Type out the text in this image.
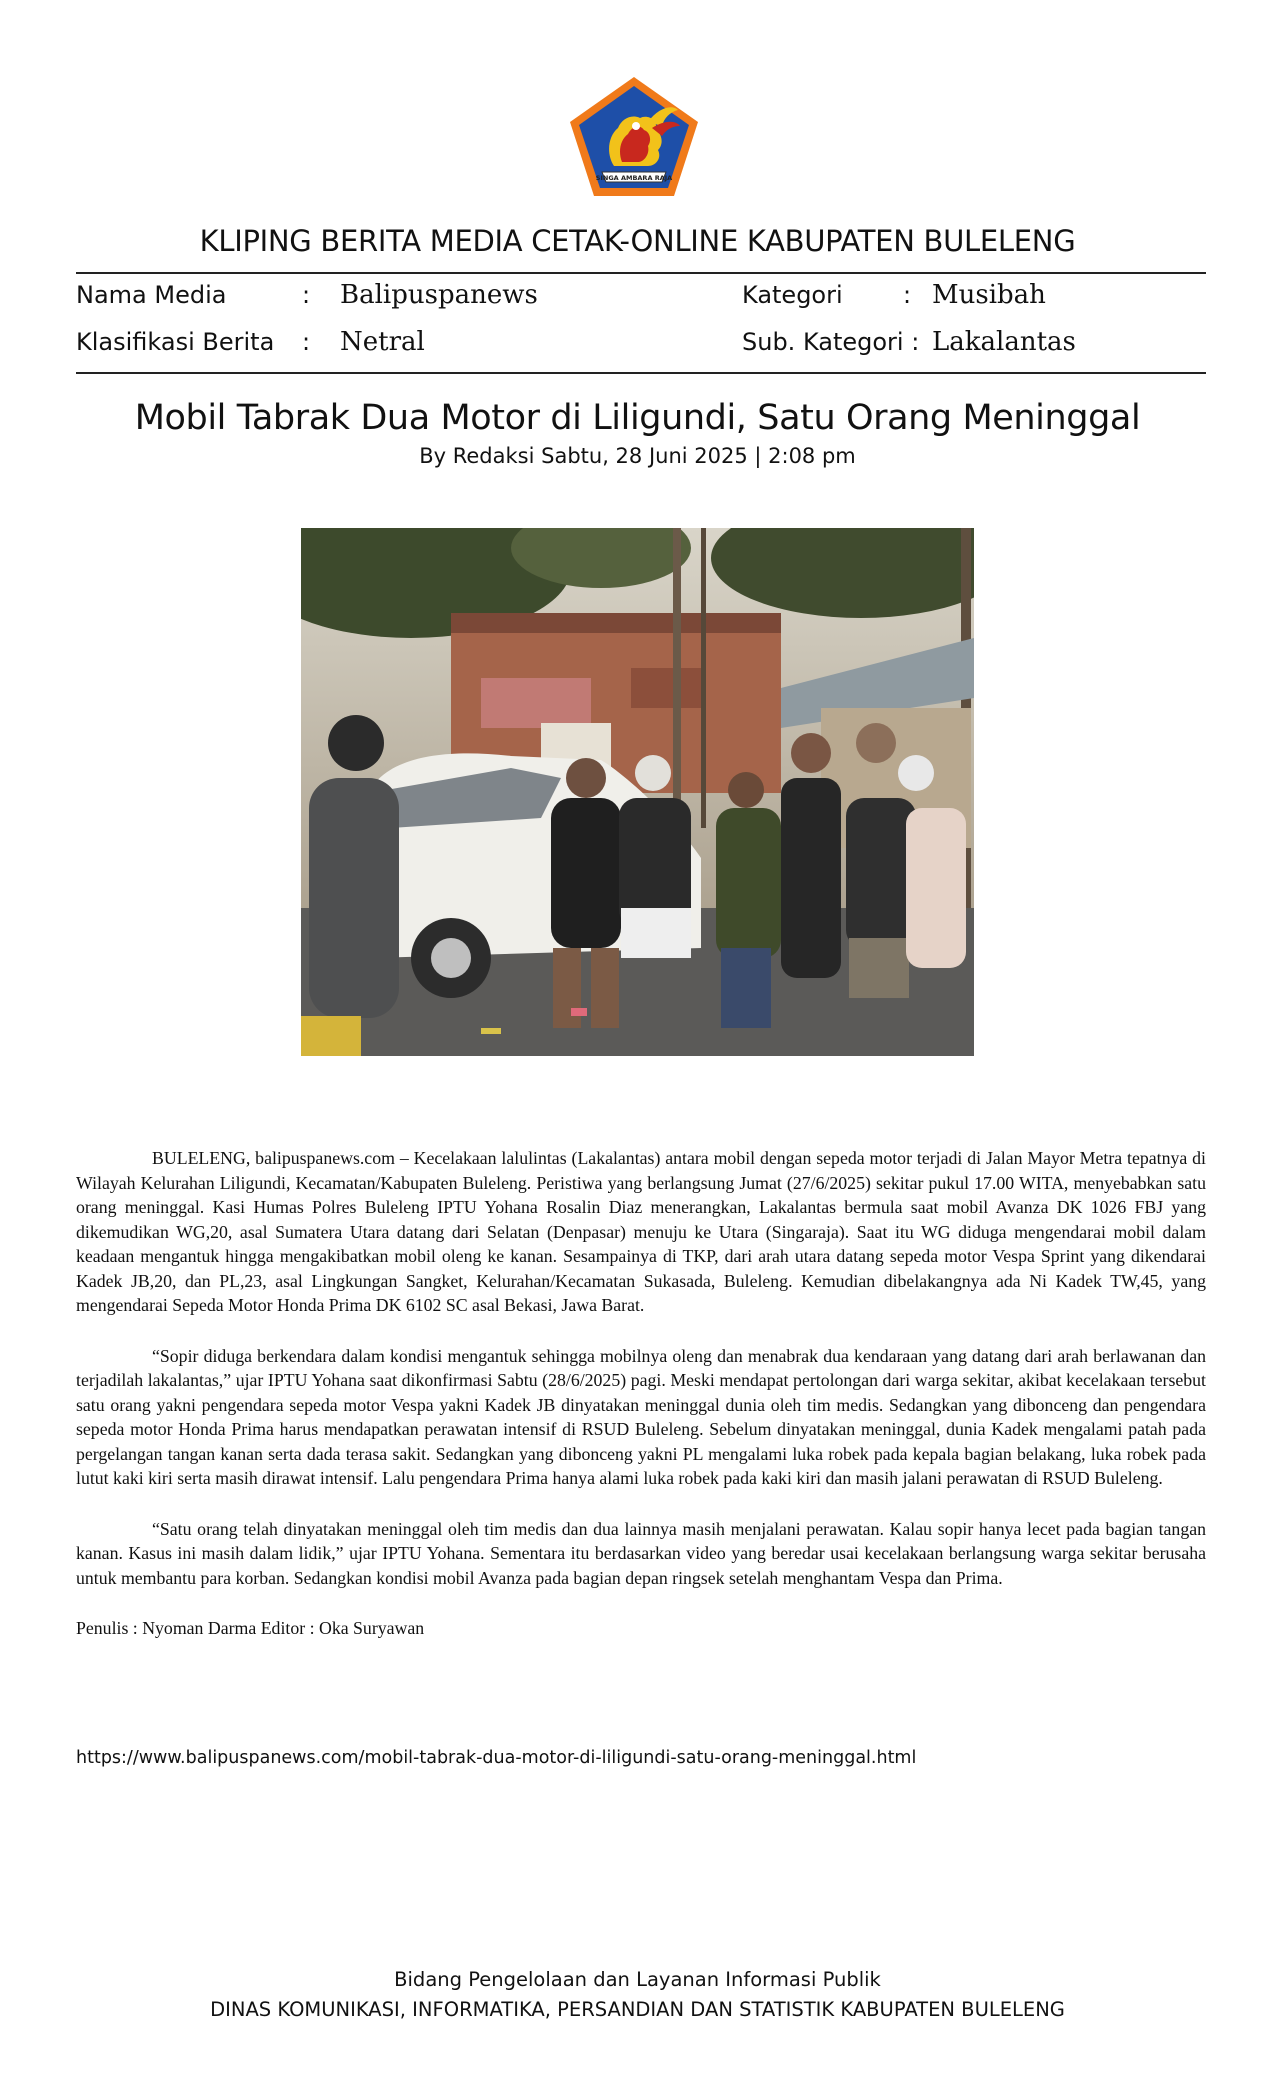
SINGA AMBARA RAJA
KLIPING BERITA MEDIA CETAK-ONLINE KABUPATEN BULELENG
Nama Media	: Balipuspanews	Kategori	: Musibah
Klasifikasi Berita : Netral	Sub. Kategori : Lakalantas
Mobil Tabrak Dua Motor di Liligundi, Satu Orang Meninggal
By Redaksi Sabtu, 28 Juni 2025 | 2:08 pm

BULELENG, balipuspanews.com – Kecelakaan lalulintas (Lakalantas) antara mobil dengan sepeda motor terjadi di Jalan Mayor Metra tepatnya di Wilayah Kelurahan Liligundi, Kecamatan/Kabupaten Buleleng. Peristiwa yang berlangsung Jumat (27/6/2025) sekitar pukul 17.00 WITA, menyebabkan satu orang meninggal. Kasi Humas Polres Buleleng IPTU Yohana Rosalin Diaz menerangkan, Lakalantas bermula saat mobil Avanza DK 1026 FBJ yang dikemudikan WG,20, asal Sumatera Utara datang dari Selatan (Denpasar) menuju ke Utara (Singaraja). Saat itu WG diduga mengendarai mobil dalam keadaan mengantuk hingga mengakibatkan mobil oleng ke kanan. Sesampainya di TKP, dari arah utara datang sepeda motor Vespa Sprint yang dikendarai Kadek JB,20, dan PL,23, asal Lingkungan Sangket, Kelurahan/Kecamatan Sukasada, Buleleng. Kemudian dibelakangnya ada Ni Kadek TW,45, yang mengendarai Sepeda Motor Honda Prima DK 6102 SC asal Bekasi, Jawa Barat.

“Sopir diduga berkendara dalam kondisi mengantuk sehingga mobilnya oleng dan menabrak dua kendaraan yang datang dari arah berlawanan dan terjadilah lakalantas,” ujar IPTU Yohana saat dikonfirmasi Sabtu (28/6/2025) pagi. Meski mendapat pertolongan dari warga sekitar, akibat kecelakaan tersebut satu orang yakni pengendara sepeda motor Vespa yakni Kadek JB dinyatakan meninggal dunia oleh tim medis. Sedangkan yang dibonceng dan pengendara sepeda motor Honda Prima harus mendapatkan perawatan intensif di RSUD Buleleng. Sebelum dinyatakan meninggal, dunia Kadek mengalami patah pada pergelangan tangan kanan serta dada terasa sakit. Sedangkan yang dibonceng yakni PL mengalami luka robek pada kepala bagian belakang, luka robek pada lutut kaki kiri serta masih dirawat intensif. Lalu pengendara Prima hanya alami luka robek pada kaki kiri dan masih jalani perawatan di RSUD Buleleng.

“Satu orang telah dinyatakan meninggal oleh tim medis dan dua lainnya masih menjalani perawatan. Kalau sopir hanya lecet pada bagian tangan kanan. Kasus ini masih dalam lidik,” ujar IPTU Yohana. Sementara itu berdasarkan video yang beredar usai kecelakaan berlangsung warga sekitar berusaha untuk membantu para korban. Sedangkan kondisi mobil Avanza pada bagian depan ringsek setelah menghantam Vespa dan Prima.

Penulis : Nyoman Darma Editor : Oka Suryawan

https://www.balipuspanews.com/mobil-tabrak-dua-motor-di-liligundi-satu-orang-meninggal.html
Bidang Pengelolaan dan Layanan Informasi Publik
DINAS KOMUNIKASI, INFORMATIKA, PERSANDIAN DAN STATISTIK KABUPATEN BULELENG
